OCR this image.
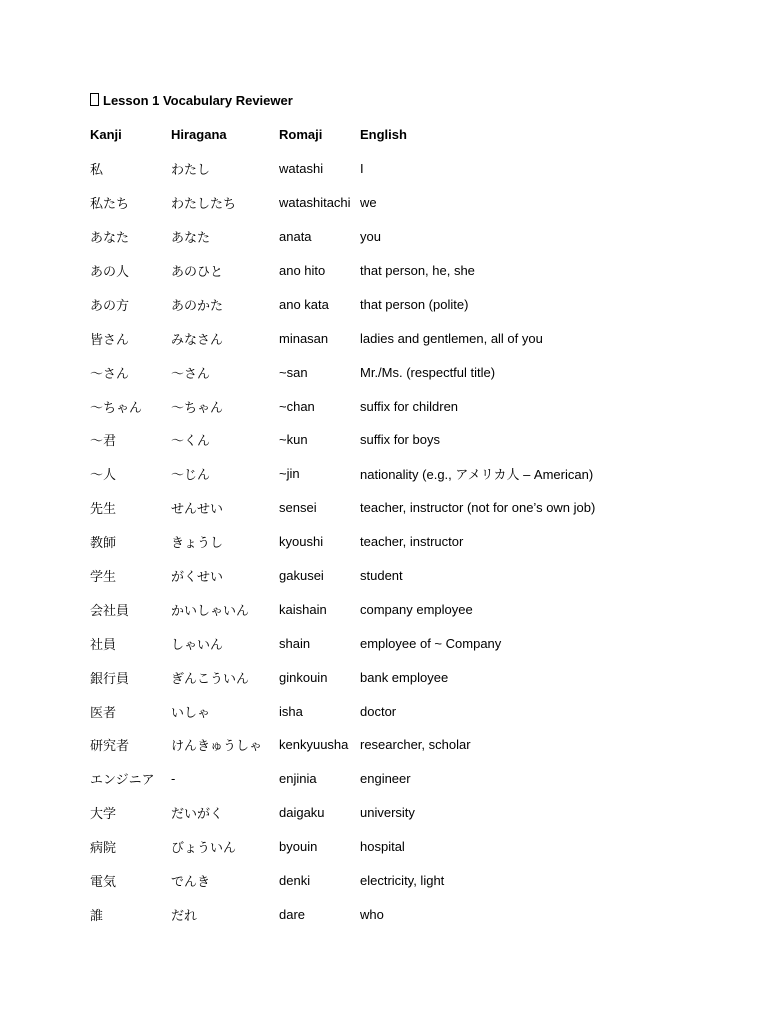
Lesson 1 Vocabulary Reviewer
Kanji	Hiragana	Romaji	English
私	わたし	watashi	I
私たち	わたしたち	watashitachi	we
あなた	あなた	anata	you
あの人	あのひと	ano hito	that person, he, she
あの方	あのかた	ano kata	that person (polite)
皆さん	みなさん	minasan	ladies and gentlemen, all of you
～さん	～さん	~san	Mr./Ms. (respectful title)
～ちゃん	～ちゃん	~chan	suffix for children
～君	～くん	~kun	suffix for boys
～人	～じん	~jin	nationality (e.g., アメリカ人 – American)
先生	せんせい	sensei	teacher, instructor (not for one’s own job)
教師	きょうし	kyoushi	teacher, instructor
学生	がくせい	gakusei	student
会社員	かいしゃいん	kaishain	company employee
社員	しゃいん	shain	employee of ~ Company
銀行員	ぎんこういん	ginkouin	bank employee
医者	いしゃ	isha	doctor
研究者	けんきゅうしゃ	kenkyuusha	researcher, scholar
エンジニア	-	enjinia	engineer
大学	だいがく	daigaku	university
病院	びょういん	byouin	hospital
電気	でんき	denki	electricity, light
誰	だれ	dare	who
